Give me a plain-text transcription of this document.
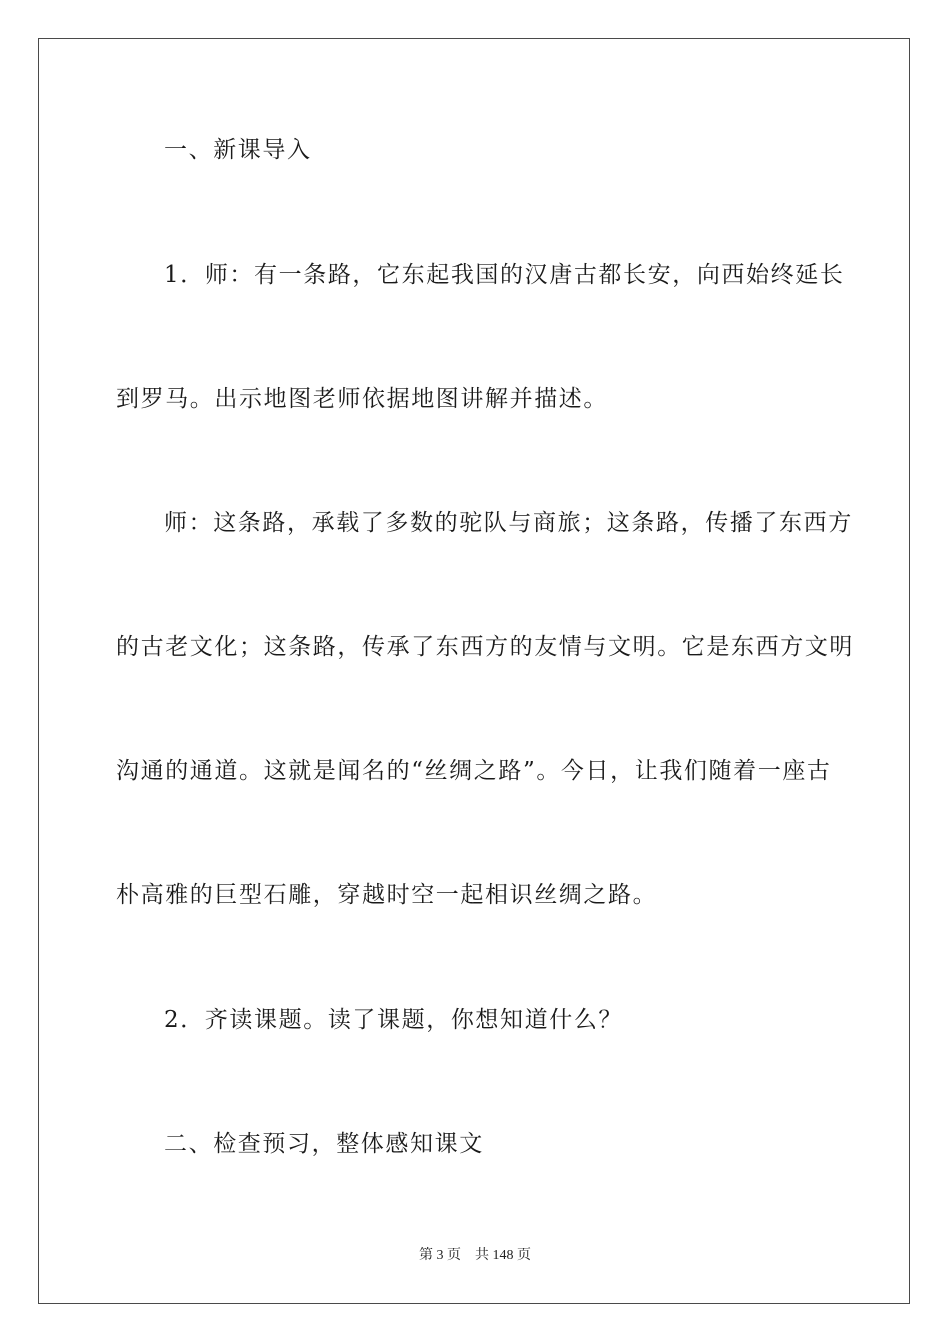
一、新课导入
1．师：有一条路，它东起我国的汉唐古都长安，向西始终延长
到罗马。出示地图老师依据地图讲解并描述。
师：这条路，承载了多数的驼队与商旅；这条路，传播了东西方
的古老文化；这条路，传承了东西方的友情与文明。它是东西方文明
沟通的通道。这就是闻名的“丝绸之路”。今日，让我们随着一座古
朴高雅的巨型石雕，穿越时空一起相识丝绸之路。
2．齐读课题。读了课题，你想知道什么？
二、检查预习，整体感知课文
第 3 页 共 148 页
